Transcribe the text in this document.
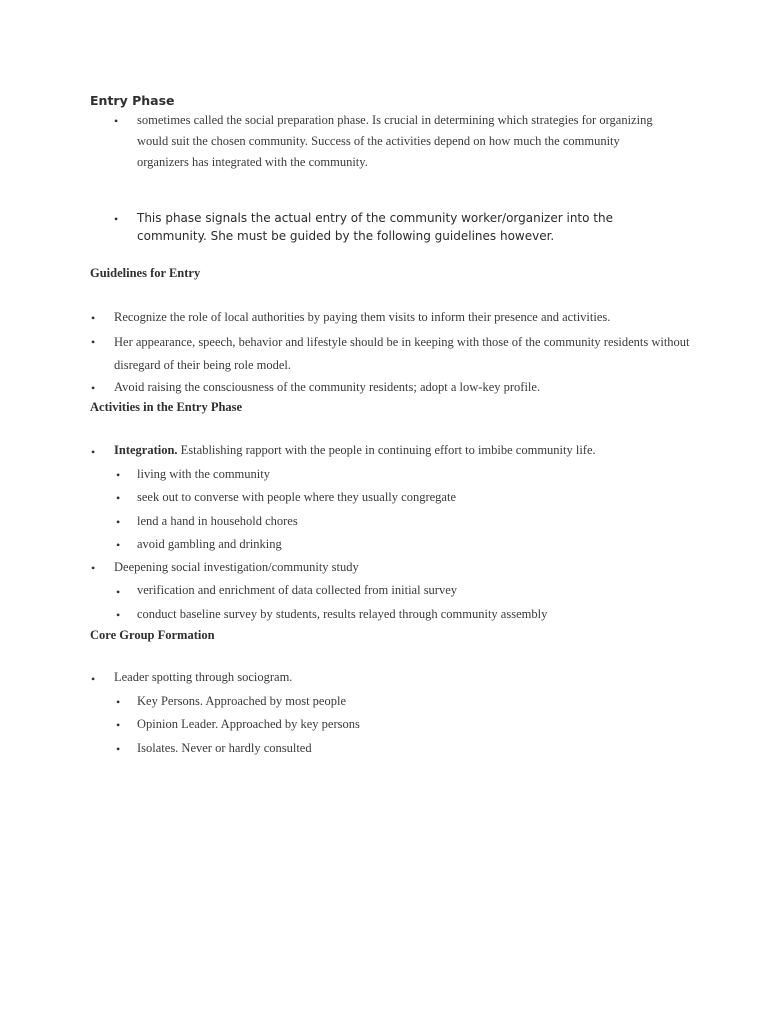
Entry Phase
• sometimes called the social preparation phase. Is crucial in determining which strategies for organizing would suit the chosen community. Success of the activities depend on how much the community organizers has integrated with the community.
• This phase signals the actual entry of the community worker/organizer into the community. She must be guided by the following guidelines however.
Guidelines for Entry
• Recognize the role of local authorities by paying them visits to inform their presence and activities.
• Her appearance, speech, behavior and lifestyle should be in keeping with those of the community residents without disregard of their being role model.
• Avoid raising the consciousness of the community residents; adopt a low-key profile.
Activities in the Entry Phase
• Integration. Establishing rapport with the people in continuing effort to imbibe community life.
• living with the community
• seek out to converse with people where they usually congregate
• lend a hand in household chores
• avoid gambling and drinking
• Deepening social investigation/community study
• verification and enrichment of data collected from initial survey
• conduct baseline survey by students, results relayed through community assembly
Core Group Formation
• Leader spotting through sociogram.
• Key Persons. Approached by most people
• Opinion Leader. Approached by key persons
• Isolates. Never or hardly consulted
